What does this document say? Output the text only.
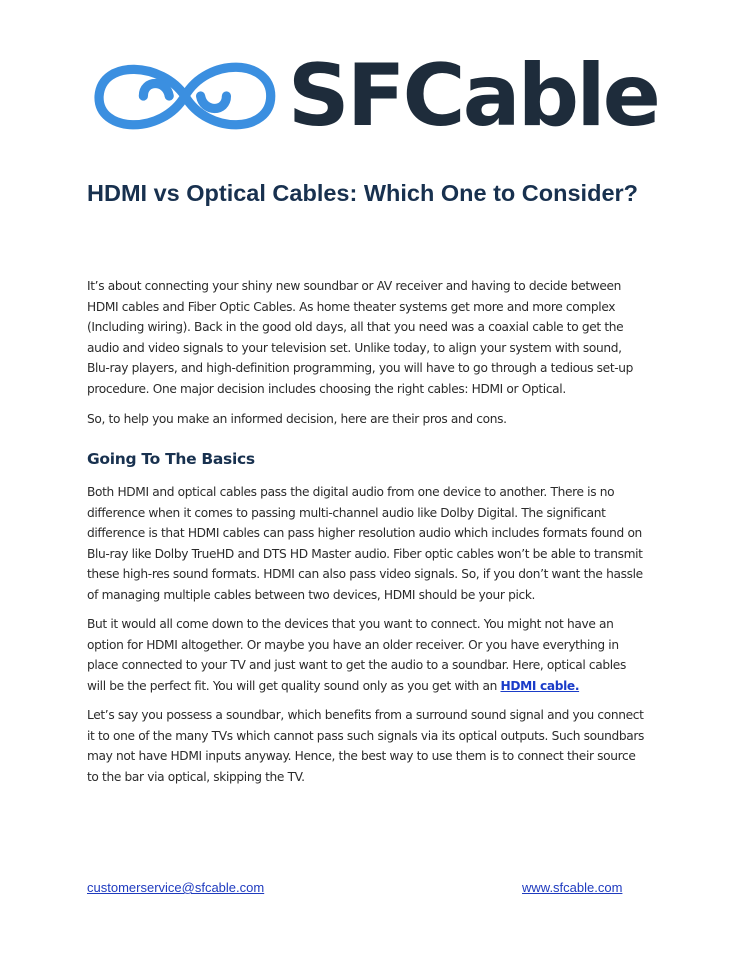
SFCable
HDMI vs Optical Cables: Which One to Consider?

It’s about connecting your shiny new soundbar or AV receiver and having to decide between HDMI cables and Fiber Optic Cables. As home theater systems get more and more complex (Including wiring). Back in the good old days, all that you need was a coaxial cable to get the audio and video signals to your television set. Unlike today, to align your system with sound, Blu-ray players, and high-definition programming, you will have to go through a tedious set-up procedure. One major decision includes choosing the right cables: HDMI or Optical.

So, to help you make an informed decision, here are their pros and cons.

Going To The Basics

Both HDMI and optical cables pass the digital audio from one device to another. There is no difference when it comes to passing multi-channel audio like Dolby Digital. The significant difference is that HDMI cables can pass higher resolution audio which includes formats found on Blu-ray like Dolby TrueHD and DTS HD Master audio. Fiber optic cables won’t be able to transmit these high-res sound formats. HDMI can also pass video signals. So, if you don’t want the hassle of managing multiple cables between two devices, HDMI should be your pick.

But it would all come down to the devices that you want to connect. You might not have an option for HDMI altogether. Or maybe you have an older receiver. Or you have everything in place connected to your TV and just want to get the audio to a soundbar. Here, optical cables will be the perfect fit. You will get quality sound only as you get with an HDMI cable.

Let’s say you possess a soundbar, which benefits from a surround sound signal and you connect it to one of the many TVs which cannot pass such signals via its optical outputs. Such soundbars may not have HDMI inputs anyway. Hence, the best way to use them is to connect their source to the bar via optical, skipping the TV.

customerservice@sfcable.com	www.sfcable.com
